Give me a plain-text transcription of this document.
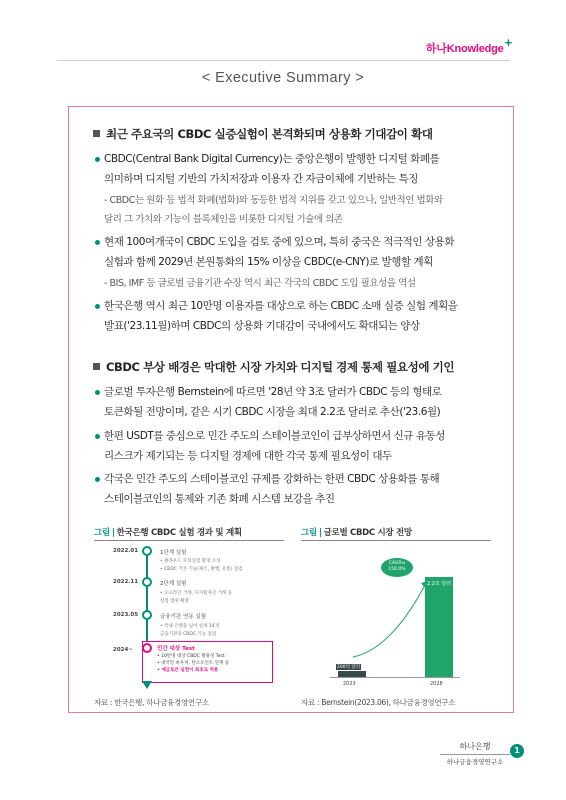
하나Knowledge+
< Executive Summary >
최근 주요국의 CBDC 실증실험이 본격화되며 상용화 기대감이 확대
CBDC(Central Bank Digital Currency)는 중앙은행이 발행한 디지털 화폐를
의미하며 디지털 기반의 가치저장과 이용자 간 자금이체에 기반하는 특징
- CBDC는 원화 등 법적 화폐(법화)와 동등한 법적 지위를 갖고 있으나, 일반적인 법화와
달리 그 가치와 기능이 블록체인을 비롯한 디지털 기술에 의존
현재 100여개국이 CBDC 도입을 검토 중에 있으며, 특히 중국은 적극적인 상용화
실험과 함께 2029년 본원통화의 15% 이상을 CBDC(e-CNY)로 발행할 계획
- BIS, IMF 등 글로벌 금융기관 수장 역시 최근 각국의 CBDC 도입 필요성을 역설
한국은행 역시 최근 10만명 이용자를 대상으로 하는 CBDC 소매 실증 실험 계획을
발표('23.11월)하며 CBDC의 상용화 기대감이 국내에서도 확대되는 양상
CBDC 부상 배경은 막대한 시장 가치와 디지털 경제 통제 필요성에 기인
글로벌 투자은행 Bernstein에 따르면 '28년 약 3조 달러가 CBDC 등의 형태로
토큰화될 전망이며, 같은 시기 CBDC 시장을 최대 2.2조 달러로 추산('23.6월)
한편 USDT를 중심으로 민간 주도의 스테이블코인이 급부상하면서 신규 유동성
리스크가 제기되는 등 디지털 경제에 대한 각국 통제 필요성이 대두
각국은 민간 주도의 스테이블코인 규제를 강화하는 한편 CBDC 상용화를 통해
스테이블코인의 통제와 기존 화폐 시스템 보강을 추진
그림 | 한국은행 CBDC 실험 경과 및 계획
2022.01	1단계 실험
• 클라우드 모의실험 환경 조성
• CBDC 기본 기능(제조, 발행, 유통) 점검
2022.11	2단계 실험
• 오프라인 거래, 디지털자산 거래 등
실험 범위 확장
2023.05	금융기관 연동 실험
• 국내 은행을 넘어 실제 14개
금융기관과 CBDC 기능 점검
2024~	민간 대상 Test
• 10만명 대상 CBDC 활용성 Test
• 대국민 바우처, 탄소포인트 연계 등
• 예금토큰 실험이 최초로 적용
자료 : 한국은행, 하나금융경영연구소
그림 | 글로벌 CBDC 시장 전망
CAGR≒ 156.0%
200억 달러
2.2조 달러
2023	2028
자료 : Bernstein(2023.06), 하나금융경영연구소
하나은행
하나금융경영연구소
1
